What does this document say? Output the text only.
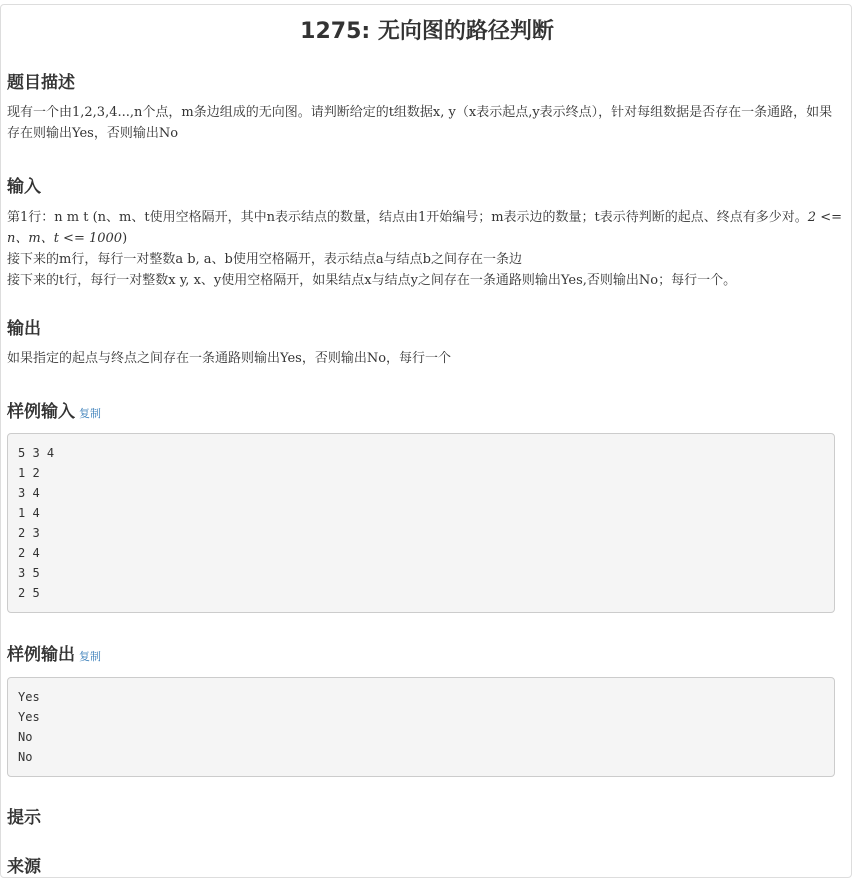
1275: 无向图的路径判断
题目描述

现有一个由1,2,3,4...,n个点，m条边组成的无向图。请判断给定的t组数据x, y（x表示起点,y表示终点），针对每组数据是否存在一条通路，如果存在则输出Yes，否则输出No

输入

第1行：n m t (n、m、t使用空格隔开，其中n表示结点的数量，结点由1开始编号；m表示边的数量；t表示待判断的起点、终点有多少对。2 <= n、m、t <= 1000)

接下来的m行，每行一对整数a b, a、b使用空格隔开，表示结点a与结点b之间存在一条边

接下来的t行，每行一对整数x y, x、y使用空格隔开，如果结点x与结点y之间存在一条通路则输出Yes,否则输出No；每行一个。

输出

如果指定的起点与终点之间存在一条通路则输出Yes，否则输出No，每行一个

样例输入 复制
5 3 4
1 2
3 4
1 4
2 3
2 4
3 5
2 5
样例输出 复制
Yes
Yes
No
No
提示
来源
